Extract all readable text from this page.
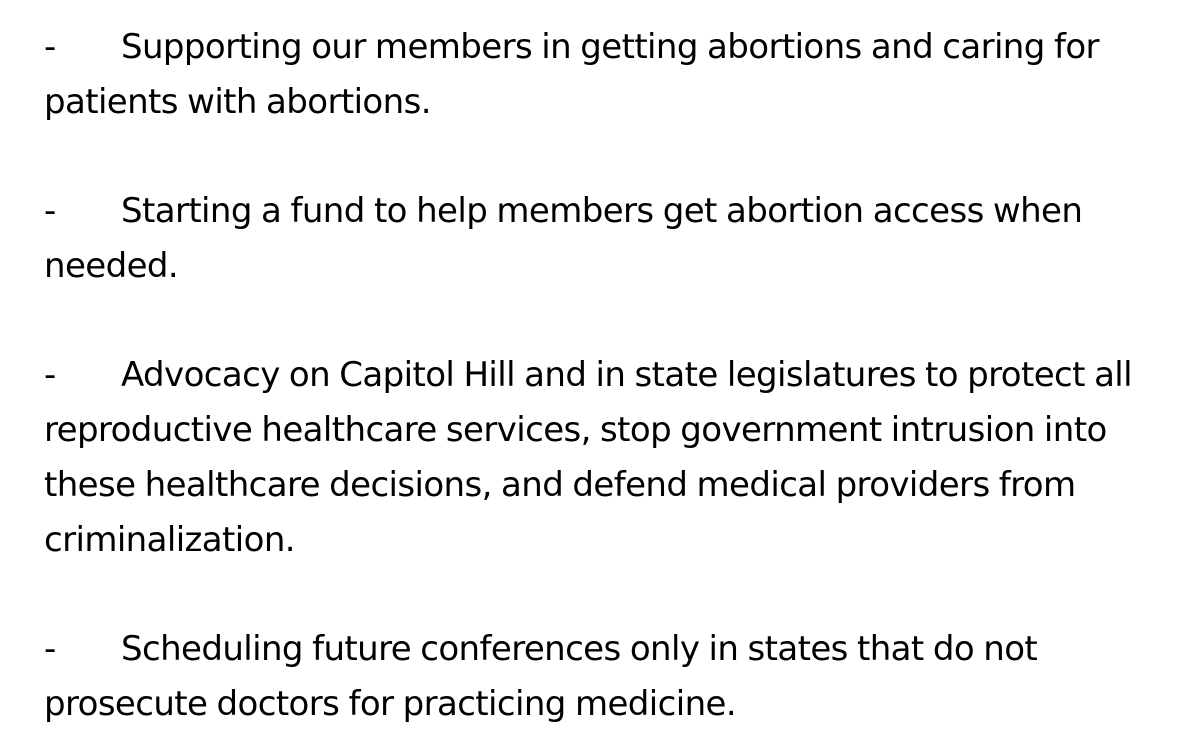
- Supporting our members in getting abortions and caring for patients with abortions.

- Starting a fund to help members get abortion access when needed.

- Advocacy on Capitol Hill and in state legislatures to protect all reproductive healthcare services, stop government intrusion into these healthcare decisions, and defend medical providers from criminalization.

- Scheduling future conferences only in states that do not prosecute doctors for practicing medicine.
